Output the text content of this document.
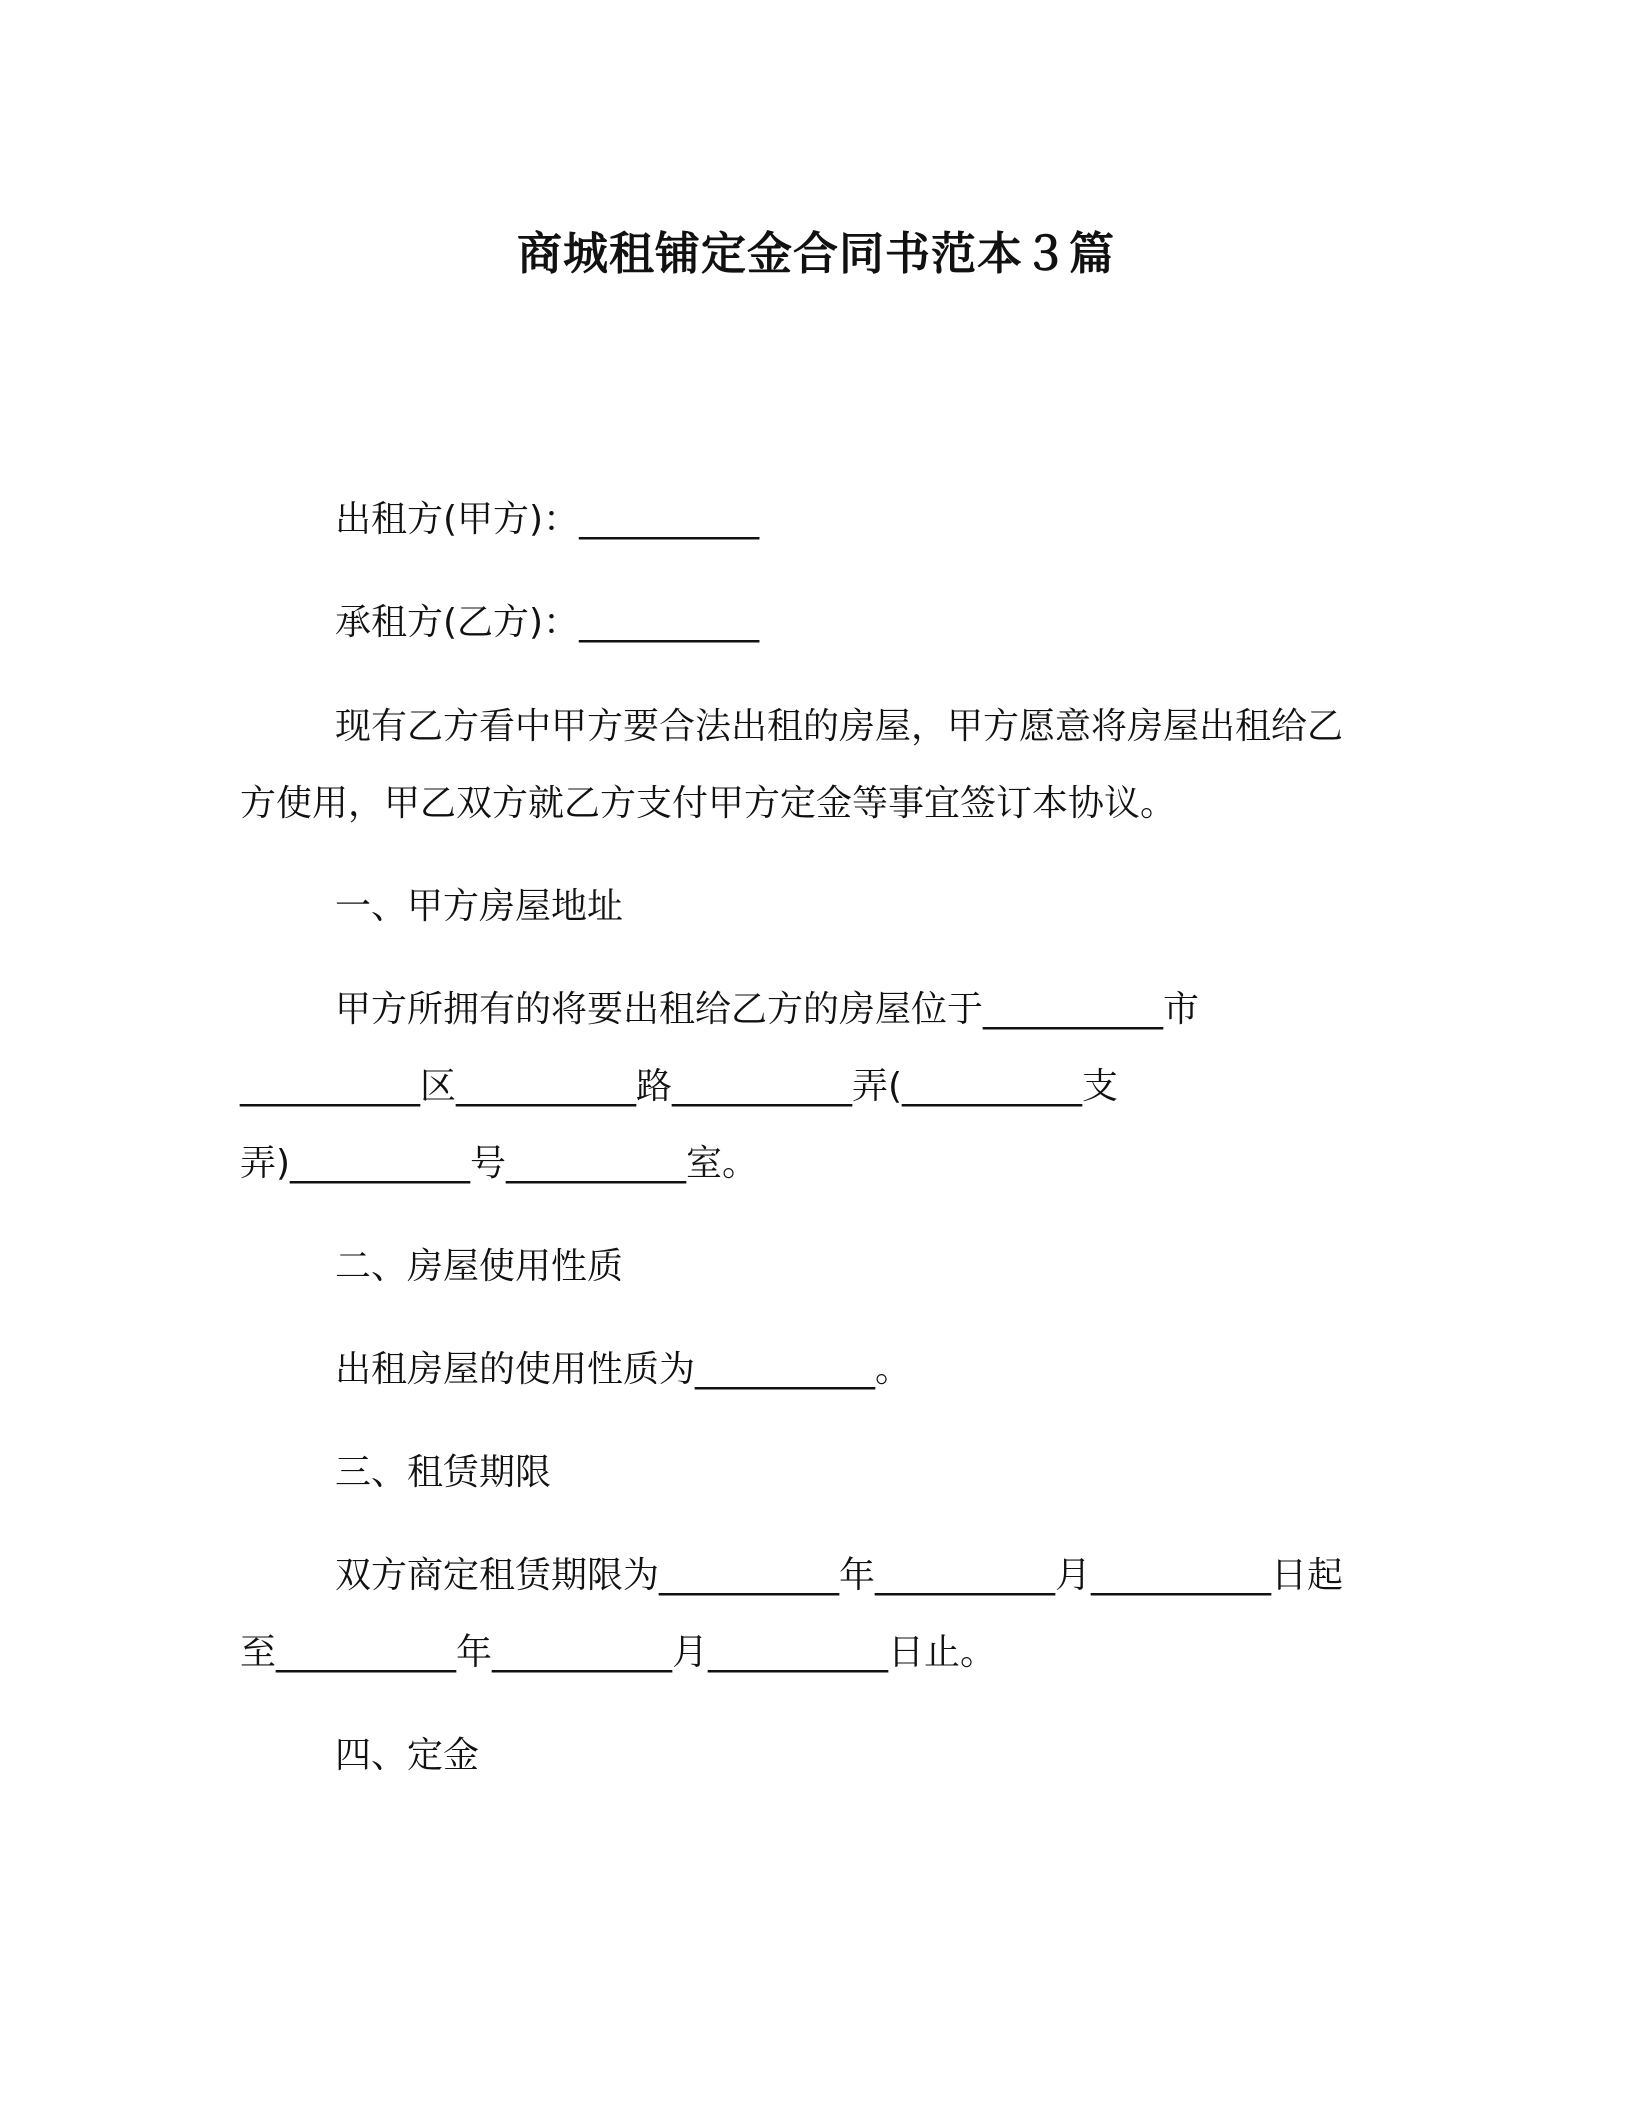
商城租铺定金合同书范本３篇

出租方(甲方)：__________

承租方(乙方)：__________

现有乙方看中甲方要合法出租的房屋，甲方愿意将房屋出租给乙

方使用，甲乙双方就乙方支付甲方定金等事宜签订本协议。

一、甲方房屋地址

甲方所拥有的将要出租给乙方的房屋位于__________市

__________区__________路__________弄(__________支

弄)__________号__________室。

二、房屋使用性质

出租房屋的使用性质为__________。

三、租赁期限

双方商定租赁期限为__________年__________月__________日起

至__________年__________月__________日止。

四、定金
